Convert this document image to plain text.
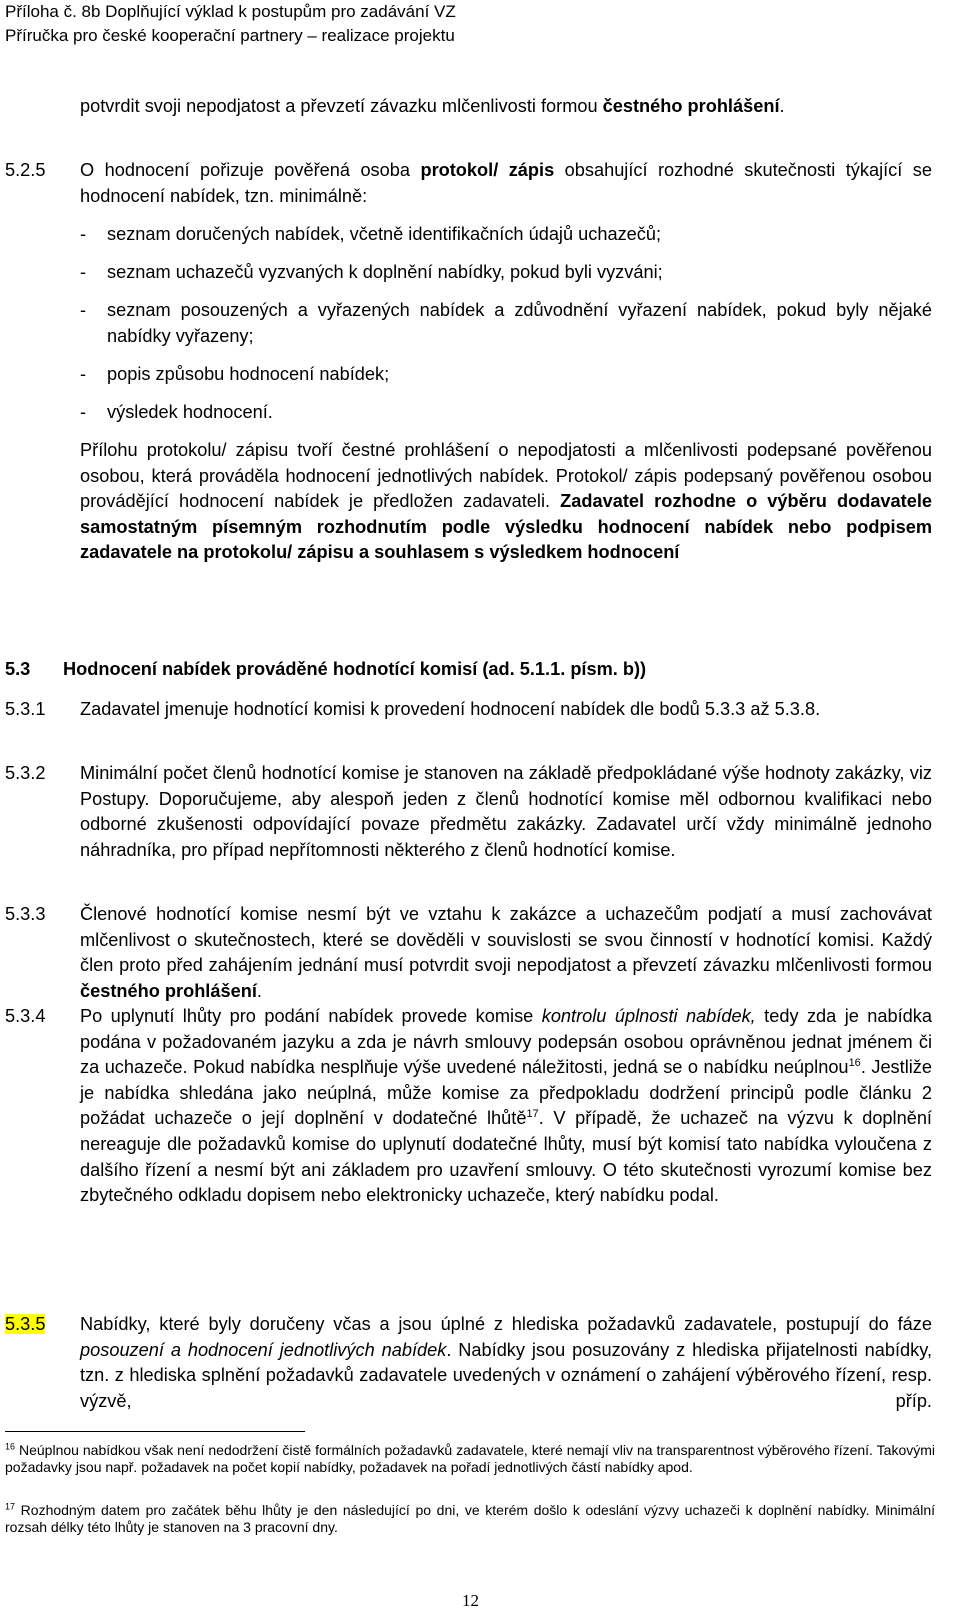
Příloha č. 8b Doplňující výklad k postupům pro zadávání VZ
Příručka pro české kooperační partnery – realizace projektu
potvrdit svoji nepodjatost a převzetí závazku mlčenlivosti formou čestného prohlášení.
5.2.5 O hodnocení pořizuje pověřená osoba protokol/ zápis obsahující rozhodné skutečnosti týkající se hodnocení nabídek, tzn. minimálně:
- seznam doručených nabídek, včetně identifikačních údajů uchazečů;
- seznam uchazečů vyzvaných k doplnění nabídky, pokud byli vyzváni;
- seznam posouzených a vyřazených nabídek a zdůvodnění vyřazení nabídek, pokud byly nějaké nabídky vyřazeny;
- popis způsobu hodnocení nabídek;
- výsledek hodnocení.
Přílohu protokolu/ zápisu tvoří čestné prohlášení o nepodjatosti a mlčenlivosti podepsané pověřenou osobou, která prováděla hodnocení jednotlivých nabídek. Protokol/ zápis podepsaný pověřenou osobou provádějící hodnocení nabídek je předložen zadavateli. Zadavatel rozhodne o výběru dodavatele samostatným písemným rozhodnutím podle výsledku hodnocení nabídek nebo podpisem zadavatele na protokolu/ zápisu a souhlasem s výsledkem hodnocení
5.3 Hodnocení nabídek prováděné hodnotící komisí (ad. 5.1.1. písm. b))
5.3.1 Zadavatel jmenuje hodnotící komisi k provedení hodnocení nabídek dle bodů 5.3.3 až 5.3.8.
5.3.2 Minimální počet členů hodnotící komise je stanoven na základě předpokládané výše hodnoty zakázky, viz Postupy. Doporučujeme, aby alespoň jeden z členů hodnotící komise měl odbornou kvalifikaci nebo odborné zkušenosti odpovídající povaze předmětu zakázky. Zadavatel určí vždy minimálně jednoho náhradníka, pro případ nepřítomnosti některého z členů hodnotící komise.
5.3.3 Členové hodnotící komise nesmí být ve vztahu k zakázce a uchazečům podjatí a musí zachovávat mlčenlivost o skutečnostech, které se dověděli v souvislosti se svou činností v hodnotící komisi. Každý člen proto před zahájením jednání musí potvrdit svoji nepodjatost a převzetí závazku mlčenlivosti formou čestného prohlášení.
5.3.4 Po uplynutí lhůty pro podání nabídek provede komise kontrolu úplnosti nabídek, tedy zda je nabídka podána v požadovaném jazyku a zda je návrh smlouvy podepsán osobou oprávněnou jednat jménem či za uchazeče. Pokud nabídka nesplňuje výše uvedené náležitosti, jedná se o nabídku neúplnou$^{16}$. Jestliže je nabídka shledána jako neúplná, může komise za předpokladu dodržení principů podle článku 2 požádat uchazeče o její doplnění v dodatečné lhůtě$^{17}$. V případě, že uchazeč na výzvu k doplnění nereaguje dle požadavků komise do uplynutí dodatečné lhůty, musí být komisí tato nabídka vyloučena z dalšího řízení a nesmí být ani základem pro uzavření smlouvy. O této skutečnosti vyrozumí komise bez zbytečného odkladu dopisem nebo elektronicky uchazeče, který nabídku podal.
5.3.5 Nabídky, které byly doručeny včas a jsou úplné z hlediska požadavků zadavatele, postupují do fáze posouzení a hodnocení jednotlivých nabídek. Nabídky jsou posuzovány z hlediska přijatelnosti nabídky, tzn. z hlediska splnění požadavků zadavatele uvedených v oznámení o zahájení výběrového řízení, resp. výzvě, příp.
$^{16}$ Neúplnou nabídkou však není nedodržení čistě formálních požadavků zadavatele, které nemají vliv na transparentnost výběrového řízení. Takovými požadavky jsou např. požadavek na počet kopií nabídky, požadavek na pořadí jednotlivých částí nabídky apod.
$^{17}$ Rozhodným datem pro začátek běhu lhůty je den následující po dni, ve kterém došlo k odeslání výzvy uchazeči k doplnění nabídky. Minimální rozsah délky této lhůty je stanoven na 3 pracovní dny.
12
